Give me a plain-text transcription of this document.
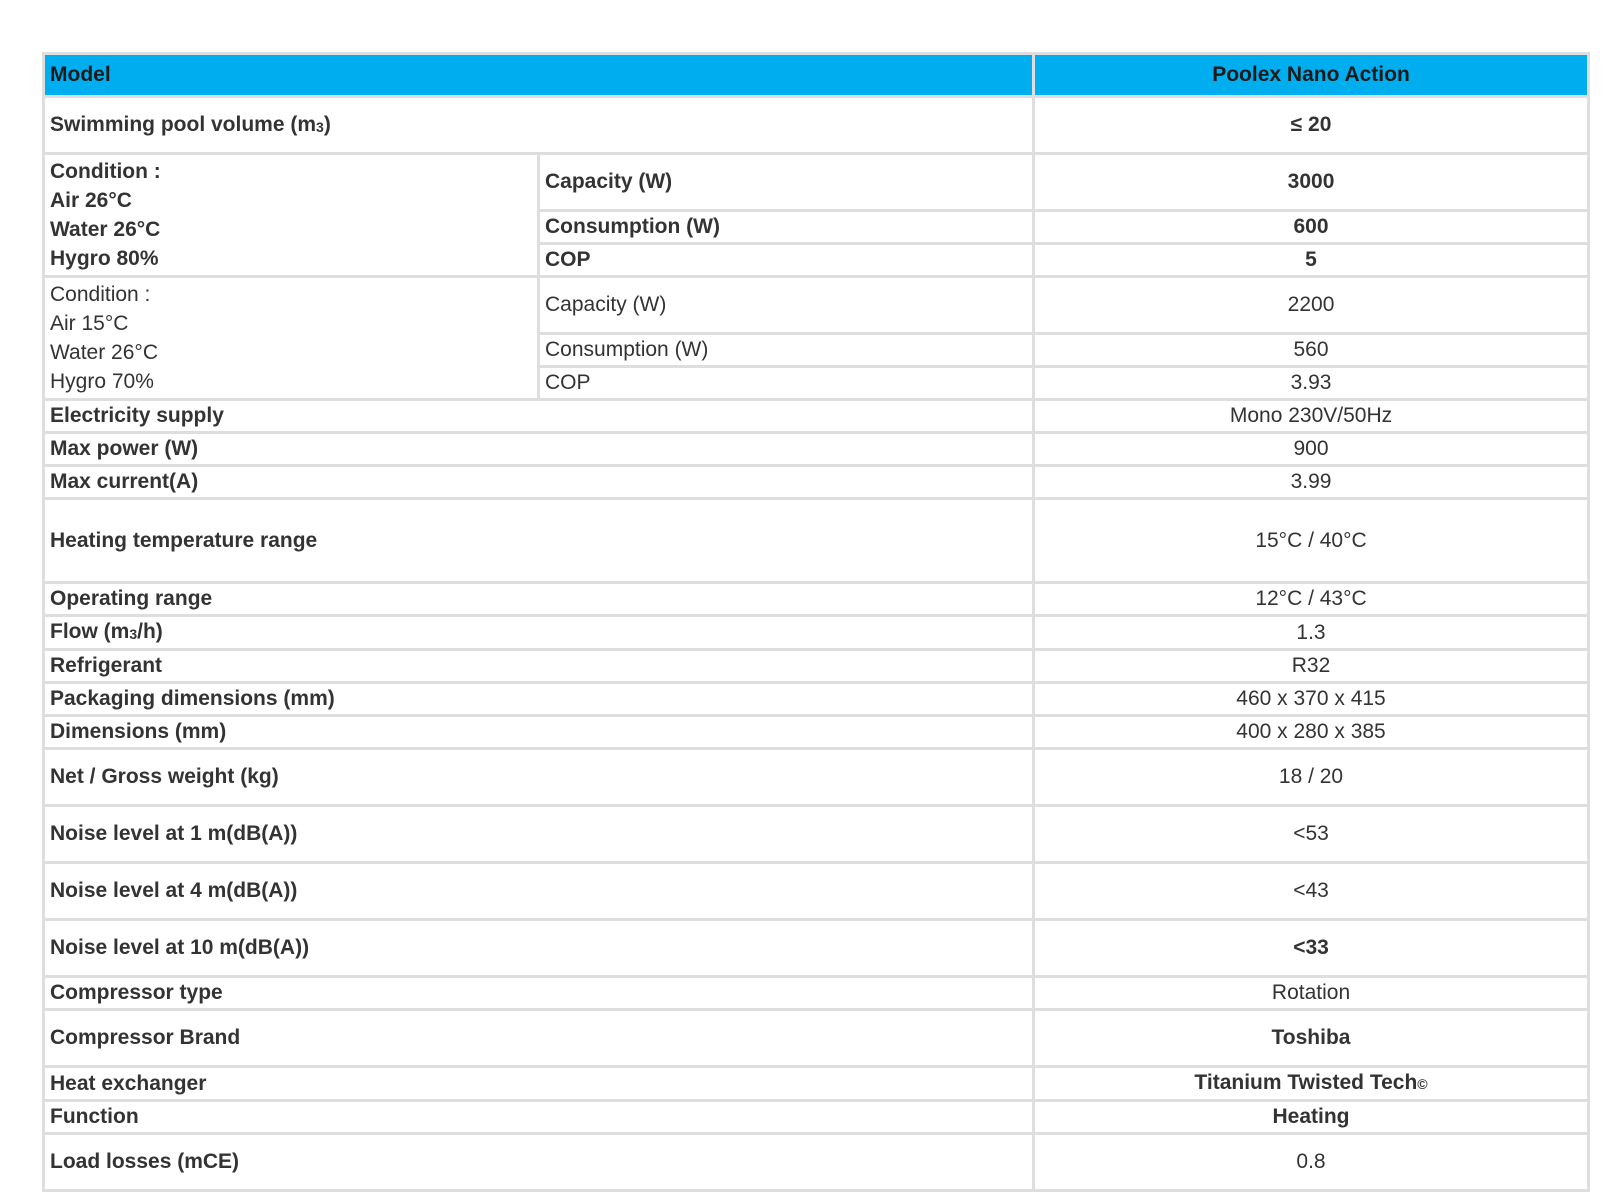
Model		Poolex Nano Action
Swimming pool volume $(m_3)$		≤ 20

Condition :
Air 26°C
Water 26°C
Hygro 80%	Capacity (W)	3000
	Consumption (W)	600
	COP	5

Condition :
Air 15°C
Water 26°C
Hygro 70%	Capacity (W)	2200
	Consumption (W)	560
	COP	3.93
Electricity supply		Mono 230V/50Hz
Max power (W)		900
Max current(A)		3.99
Heating temperature range		15°C / 40°C
Operating range		12°C / 43°C
Flow $(m_3/h)$		1.3
Refrigerant		R32
Packaging dimensions (mm)		460 x 370 x 415
Dimensions (mm)		400 x 280 x 385
Net / Gross weight (kg)		18 / 20
Noise level at 1 m(dB(A))		<53
Noise level at 4 m(dB(A))		<43
Noise level at 10 m(dB(A))		<33
Compressor type		Rotation
Compressor Brand		Toshiba
Heat exchanger		Titanium Twisted Tech©
Function		Heating
Load losses (mCE)		0.8
